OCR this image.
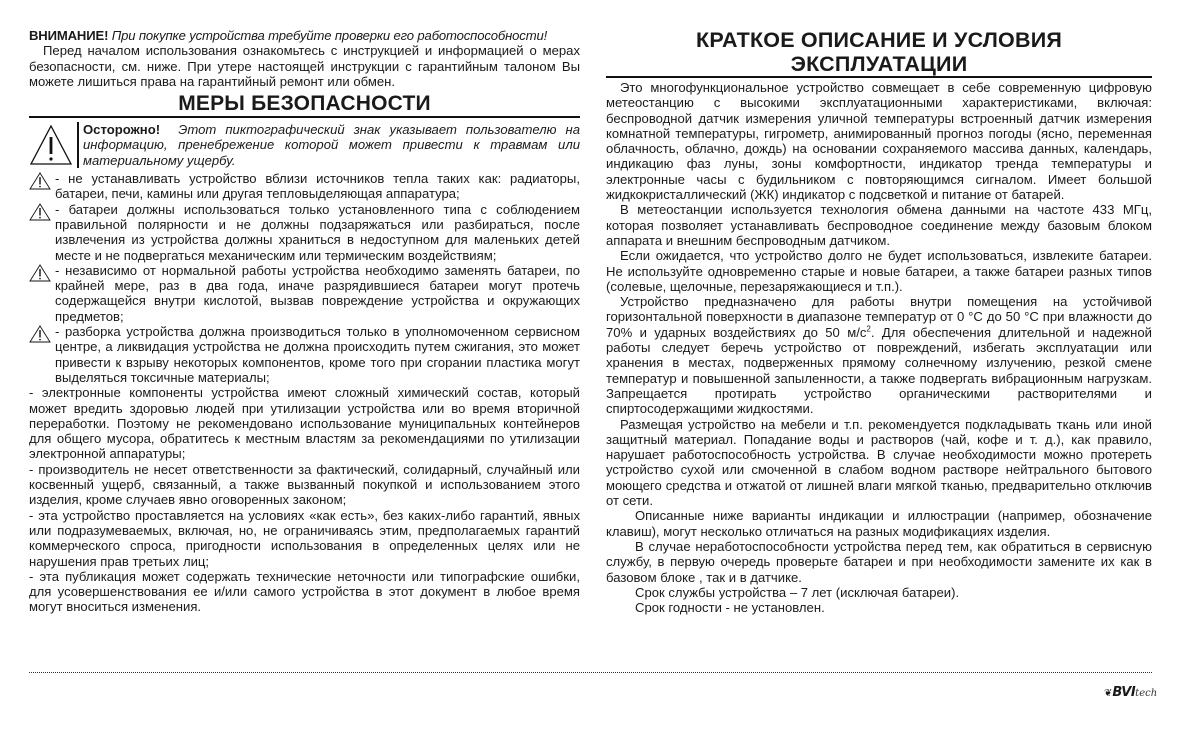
ВНИМАНИЕ! При покупке устройства требуйте проверки его работоспособности!

Перед началом использования ознакомьтесь с инструкцией и информацией о мерах безопасности, см. ниже. При утере настоящей инструкции с гарантийным талоном Вы можете лишиться права на гарантийный ремонт или обмен.

МЕРЫ БЕЗОПАСНОСТИ
Осторожно! Этот пиктографический знак указывает пользователю на информацию, пренебрежение которой может привести к травмам или материальному ущербу.
- не устанавливать устройство вблизи источников тепла таких как: радиаторы, батареи, печи, камины или другая тепловыделяющая аппаратура;
- батареи должны использоваться только установленного типа с соблюдением правильной полярности и не должны подзаряжаться или разбираться, после извлечения из устройства должны храниться в недоступном для маленьких детей месте и не подвергаться механическим или термическим воздействиям;
- независимо от нормальной работы устройства необходимо заменять батареи, по крайней мере, раз в два года, иначе разрядившиеся батареи могут протечь содержащейся внутри кислотой, вызвав повреждение устройства и окружающих предметов;
- разборка устройства должна производиться только в уполномоченном сервисном центре, а ликвидация устройства не должна происходить путем сжигания, это может привести к взрыву некоторых компонентов, кроме того при сгорании пластика могут выделяться токсичные материалы;

- электронные компоненты устройства имеют сложный химический состав, который может вредить здоровью людей при утилизации устройства или во время вторичной переработки. Поэтому не рекомендовано использование муниципальных контейнеров для общего мусора, обратитесь к местным властям за рекомендациями по утилизации электронной аппаратуры;

- производитель не несет ответственности за фактический, солидарный, случайный или косвенный ущерб, связанный, а также вызванный покупкой и использованием этого изделия, кроме случаев явно оговоренных законом;

- эта устройство проставляется на условиях «как есть», без каких-либо гарантий, явных или подразумеваемых, включая, но, не ограничиваясь этим, предполагаемых гарантий коммерческого спроса, пригодности использования в определенных целях или не нарушения прав третьих лиц;

- эта публикация может содержать технические неточности или типографские ошибки, для усовершенствования ее и/или самого устройства в этот документ в любое время могут вноситься изменения.

КРАТКОЕ ОПИСАНИЕ И УСЛОВИЯ ЭКСПЛУАТАЦИИ

Это многофункциональное устройство совмещает в себе современную цифровую метеостанцию с высокими эксплуатационными характеристиками, включая: беспроводной датчик измерения уличной температуры встроенный датчик измерения комнатной температуры, гигрометр, анимированный прогноз погоды (ясно, переменная облачность, облачно, дождь) на основании сохраняемого массива данных, календарь, индикацию фаз луны, зоны комфортности, индикатор тренда температуры и электронные часы с будильником с повторяющимся сигналом. Имеет большой жидкокристаллический (ЖК) индикатор с подсветкой и питание от батарей.

В метеостанции используется технология обмена данными на частоте 433 МГц, которая позволяет устанавливать беспроводное соединение между базовым блоком аппарата и внешним беспроводным датчиком.

Если ожидается, что устройство долго не будет использоваться, извлеките батареи. Не используйте одновременно старые и новые батареи, а также батареи разных типов (солевые, щелочные, перезаряжающиеся и т.п.).

Устройство предназначено для работы внутри помещения на устойчивой горизонтальной поверхности в диапазоне температур от 0 °С до 50 °С при влажности до 70% и ударных воздействиях до 50 $м/с^2$. Для обеспечения длительной и надежной работы следует беречь устройство от повреждений, избегать эксплуатации или хранения в местах, подверженных прямому солнечному излучению, резкой смене температур и повышенной запыленности, а также подвергать вибрационным нагрузкам. Запрещается протирать устройство органическими растворителями и спиртосодержащими жидкостями.

Размещая устройство на мебели и т.п. рекомендуется подкладывать ткань или иной защитный материал. Попадание воды и растворов (чай, кофе и т. д.), как правило, нарушает работоспособность устройства. В случае необходимости можно протереть устройство сухой или смоченной в слабом водном растворе нейтрального бытового моющего средства и отжатой от лишней влаги мягкой тканью, предварительно отключив от сети.

Описанные ниже варианты индикации и иллюстрации (например, обозначение клавиш), могут несколько отличаться на разных модификациях изделия.

В случае неработоспособности устройства перед тем, как обратиться в сервисную службу, в первую очередь проверьте батареи и при необходимости замените их как в базовом блоке , так и в датчике.

Срок службы устройства – 7 лет (исключая батареи).

Срок годности - не установлен.

❦BVItech
